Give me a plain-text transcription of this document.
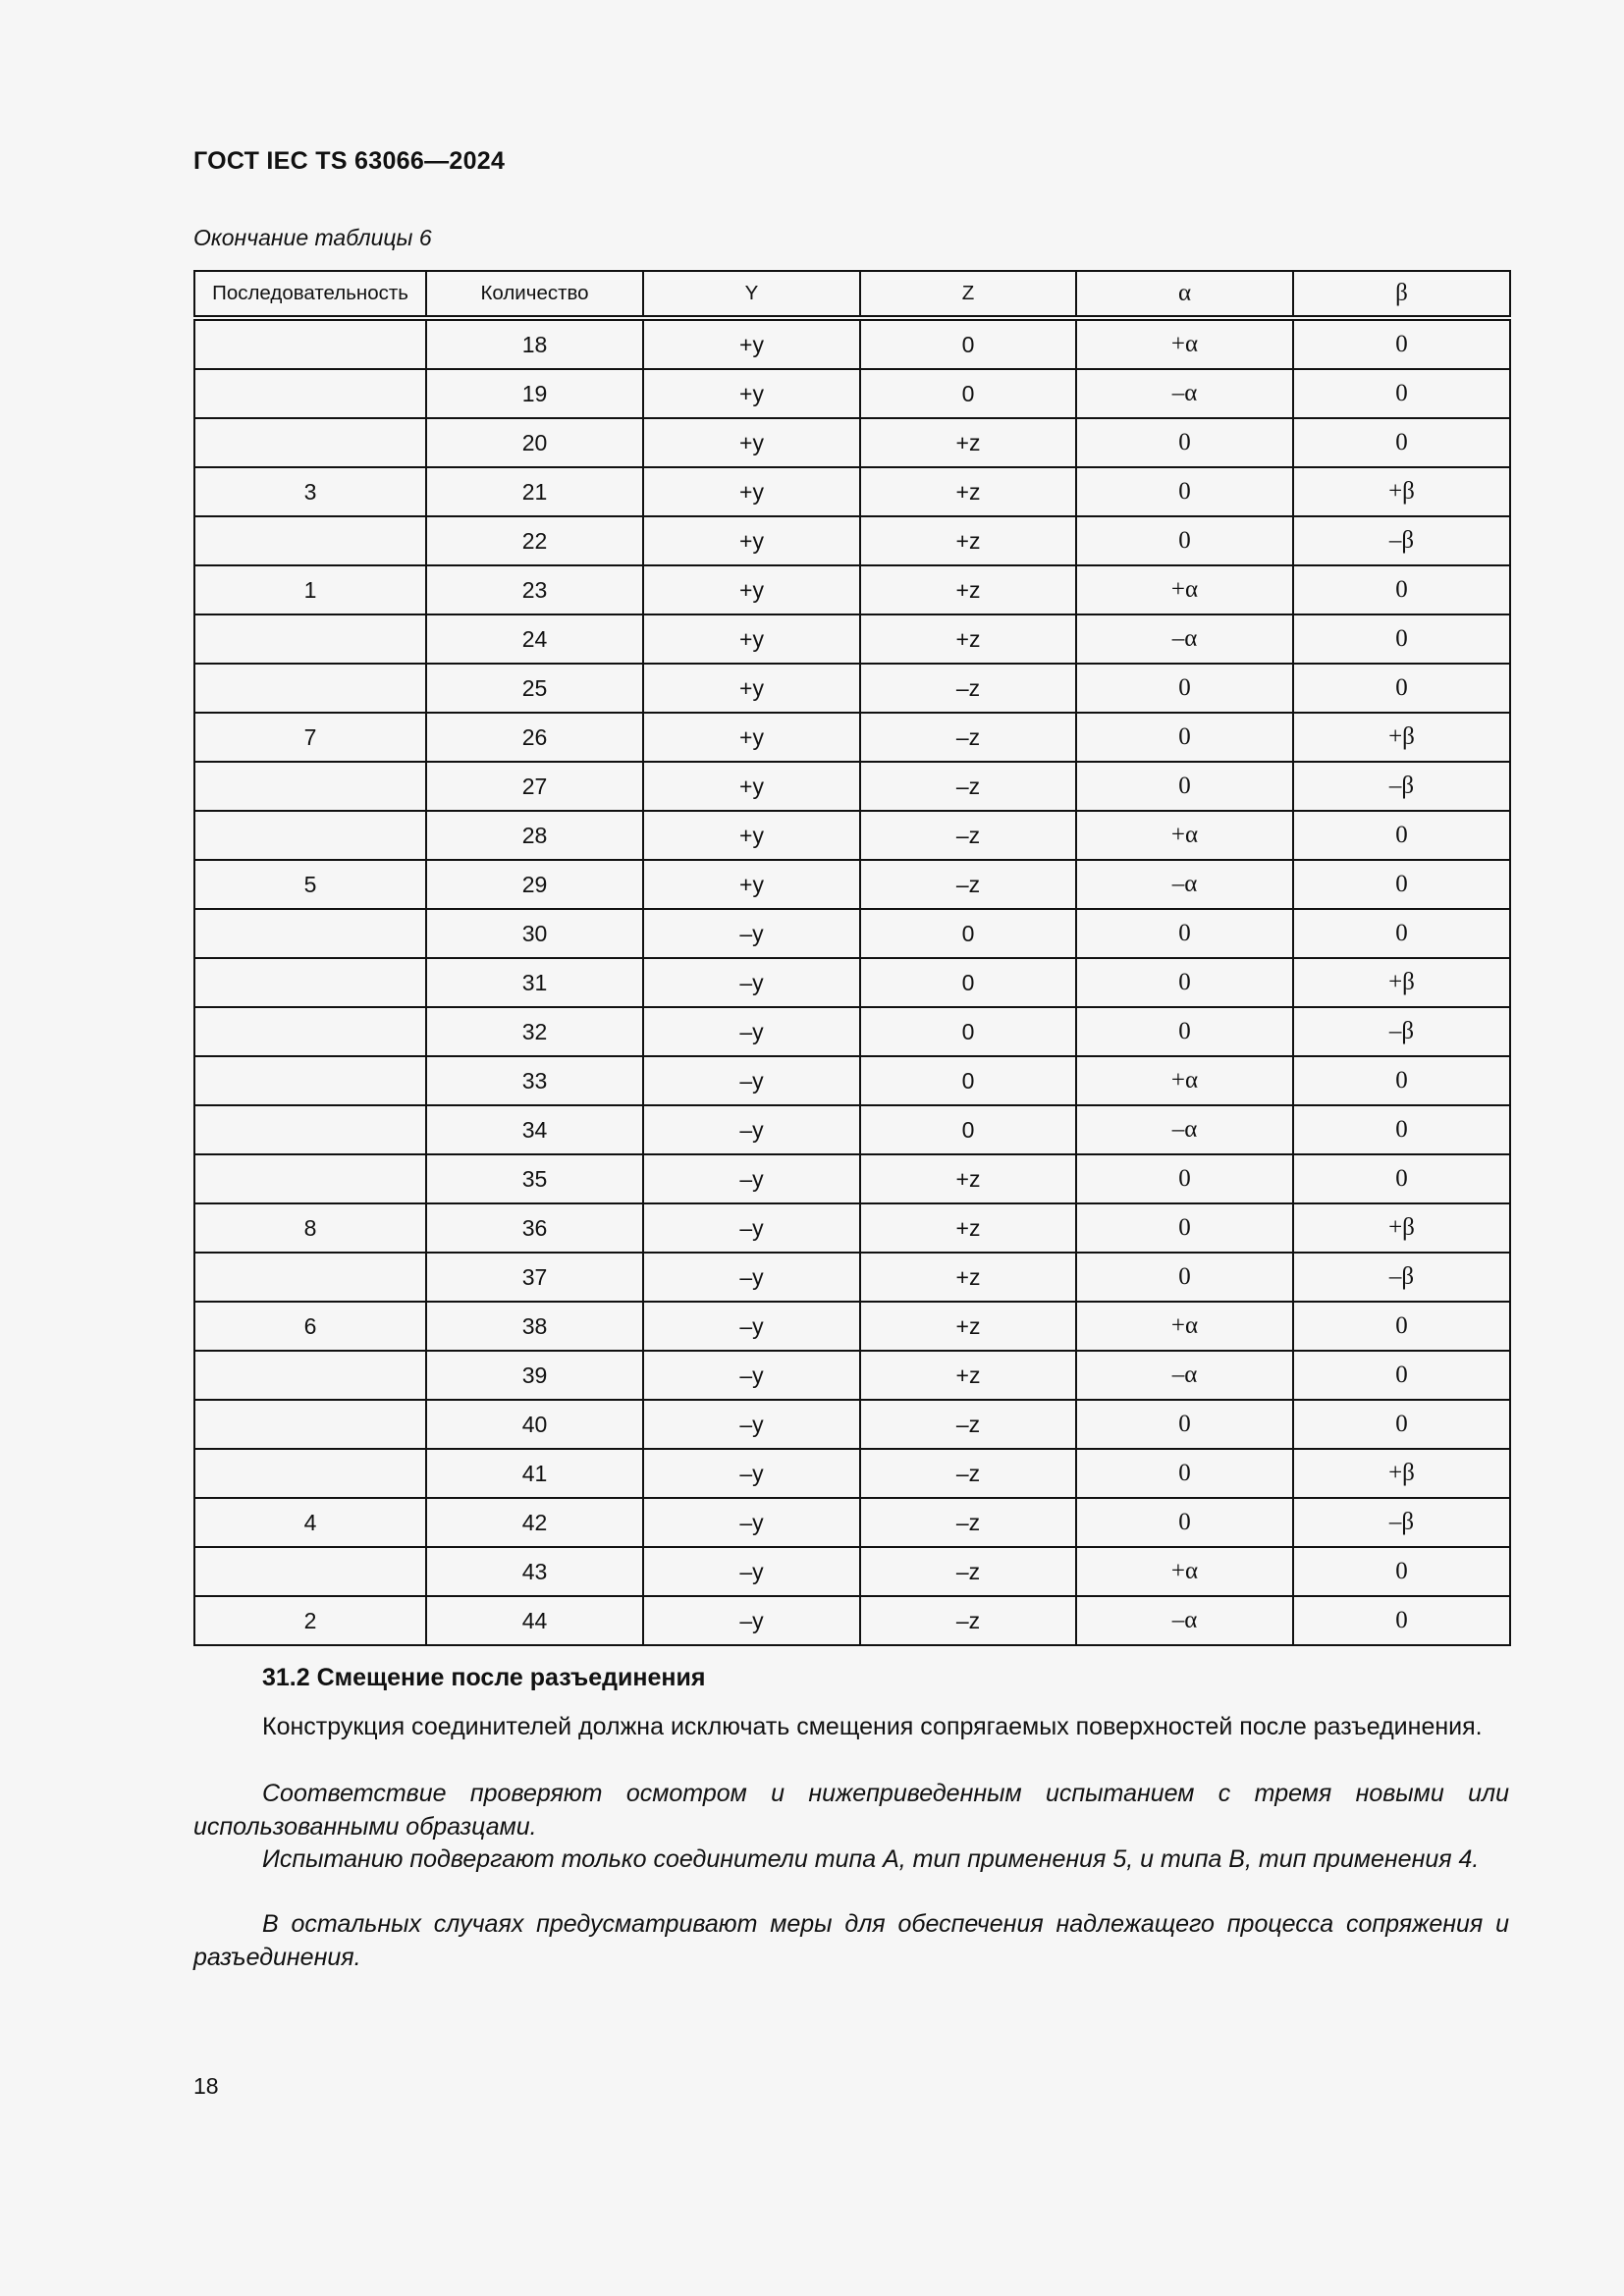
ГОСТ IEC TS 63066—2024
Окончание таблицы 6
Последовательность	Количество	Y	Z	α	β
	18	+y	0	+α	0
	19	+y	0	–α	0
	20	+y	+z	0	0
3	21	+y	+z	0	+β
	22	+y	+z	0	–β
1	23	+y	+z	+α	0
	24	+y	+z	–α	0
	25	+y	–z	0	0
7	26	+y	–z	0	+β
	27	+y	–z	0	–β
	28	+y	–z	+α	0
5	29	+y	–z	–α	0
	30	–y	0	0	0
	31	–y	0	0	+β
	32	–y	0	0	–β
	33	–y	0	+α	0
	34	–y	0	–α	0
	35	–y	+z	0	0
8	36	–y	+z	0	+β
	37	–y	+z	0	–β
6	38	–y	+z	+α	0
	39	–y	+z	–α	0
	40	–y	–z	0	0
	41	–y	–z	0	+β
4	42	–y	–z	0	–β
	43	–y	–z	+α	0
2	44	–y	–z	–α	0
31.2 Смещение после разъединения

Конструкция соединителей должна исключать смещения сопрягаемых поверхностей после разъединения.

Соответствие проверяют осмотром и нижеприведенным испытанием с тремя новыми или использованными образцами.

Испытанию подвергают только соединители типа А, тип применения 5, и типа В, тип применения 4.

В остальных случаях предусматривают меры для обеспечения надлежащего процесса сопряжения и разъединения.

18
